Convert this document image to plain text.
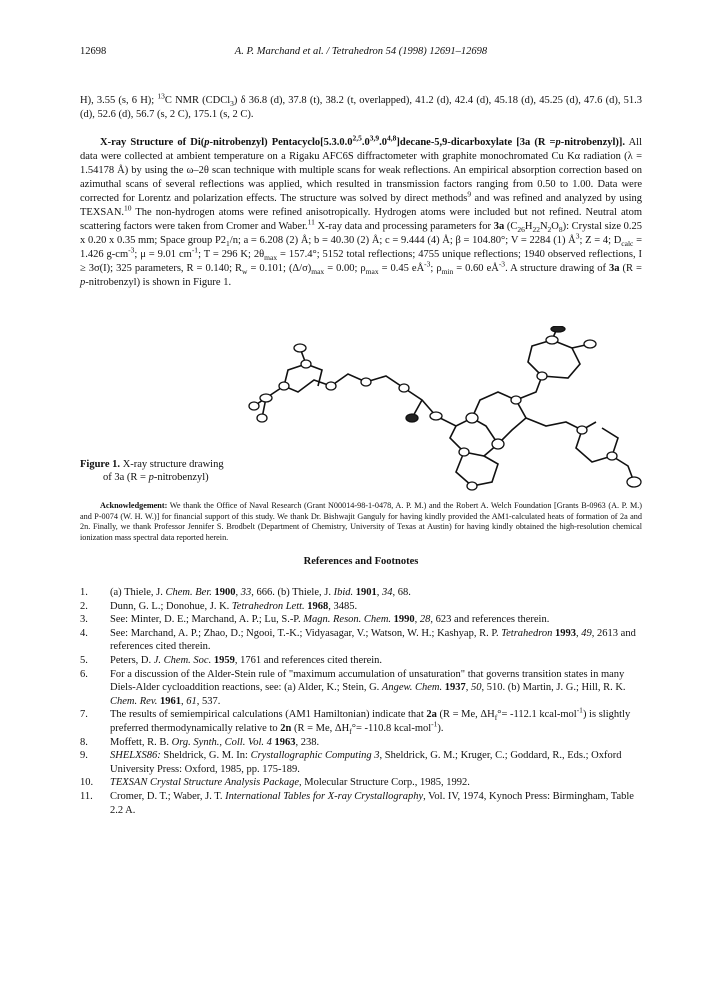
12698	A. P. Marchand et al. / Tetrahedron 54 (1998) 12691–12698
H), 3.55 (s, 6 H); $^{13}$C NMR (CDCl$_3$) δ 36.8 (d), 37.8 (t), 38.2 (t, overlapped), 41.2 (d), 42.4 (d), 45.18 (d), 45.25 (d), 47.6 (d), 51.3 (d), 52.6 (d), 56.7 (s, 2 C), 175.1 (s, 2 C).
X-ray Structure of Di(p-nitrobenzyl) Pentacyclo[5.3.0.0$^{2,5}$.0$^{3,9}$.0$^{4,8}$]decane-5,9-dicarboxylate [3a (R =p-nitrobenzyl)]. All data were collected at ambient temperature on a Rigaku AFC6S diffractometer with graphite monochromated Cu Kα radiation (λ = 1.54178 Å) by using the ω–2θ scan technique with multiple scans for weak reflections. An empirical absorption correction based on azimuthal scans of several reflections was applied, which resulted in transmission factors ranging from 0.50 to 1.00. Data were corrected for Lorentz and polarization effects. The structure was solved by direct methods$^9$ and was refined and analyzed by using TEXSAN.$^{10}$ The non-hydrogen atoms were refined anisotropically. Hydrogen atoms were included but not refined. Neutral atom scattering factors were taken from Cromer and Waber.$^{11}$ X-ray data and processing parameters for 3a $(C_{26}H_{22}N_2O_8)$: Crystal size 0.25 x 0.20 x 0.35 mm; Space group $P2_1/n$; a = 6.208 (2) Å; b = 40.30 (2) Å; c = 9.444 (4) Å; β = 104.80°; V = 2284 (1) $Å^3$; Z = 4; $D_{calc} = 1.426$ $g-cm^{-3}$; μ = 9.01 $cm^{-1}$; T = 296 K; $2\theta_{max} = 157.4^\circ$; 5152 total reflections; 4755 unique reflections; 1940 observed reflections, I ≥ 3σ(I); 325 parameters, R = 0.140; $R_w = 0.101$; $(\Delta/\sigma)_{max} = 0.00$; $\rho_{max} = 0.45$ $eÅ^{-3}$; $\rho_{min} = 0.60$ $eÅ^{-3}$. A structure drawing of 3a (R = p-nitrobenzyl) is shown in Figure 1.
Figure 1. X-ray structure drawing
of 3a (R = p-nitrobenzyl)
Acknowledgement: We thank the Office of Naval Research (Grant N00014-98-1-0478, A. P. M.) and the Robert A. Welch Foundation [Grants B-0963 (A. P. M.) and P-0074 (W. H. W.)] for financial support of this study. We thank Dr. Bishwajit Ganguly for having kindly provided the AM1-calculated heats of formation of 2a and 2n. Finally, we thank Professor Jennifer S. Brodbelt (Department of Chemistry, University of Texas at Austin) for having kindly obtained the high-resolution chemical ionization mass spectral data reported herein.
References and Footnotes
1.	(a) Thiele, J. Chem. Ber. 1900, 33, 666. (b) Thiele, J. Ibid. 1901, 34, 68.
2.	Dunn, G. L.; Donohue, J. K. Tetrahedron Lett. 1968, 3485.
3.	See: Minter, D. E.; Marchand, A. P.; Lu, S.-P. Magn. Reson. Chem. 1990, 28, 623 and references therein.
4.	See: Marchand, A. P.; Zhao, D.; Ngooi, T.-K.; Vidyasagar, V.; Watson, W. H.; Kashyap, R. P. Tetrahedron 1993, 49, 2613 and references cited therein.
5.	Peters, D. J. Chem. Soc. 1959, 1761 and references cited therein.
6.	For a discussion of the Alder-Stein rule of "maximum accumulation of unsaturation" that governs transition states in many Diels-Alder cycloaddition reactions, see: (a) Alder, K.; Stein, G. Angew. Chem. 1937, 50, 510. (b) Martin, J. G.; Hill, R. K. Chem. Rev. 1961, 61, 537.
7.	The results of semiempirical calculations (AM1 Hamiltonian) indicate that 2a (R = Me, $\Delta H_f^\circ= -112.1$ kcal-mol$^{-1}$) is slightly preferred thermodynamically relative to 2n (R = Me, $\Delta H_f^\circ= -110.8$ kcal-mol$^{-1}$).
8.	Moffett, R. B. Org. Synth., Coll. Vol. 4 1963, 238.
9.	SHELXS86: Sheldrick, G. M. In: Crystallographic Computing 3, Sheldrick, G. M.; Kruger, C.; Goddard, R., Eds.; Oxford University Press: Oxford, 1985, pp. 175-189.
10.	TEXSAN Crystal Structure Analysis Package, Molecular Structure Corp., 1985, 1992.
11.	Cromer, D. T.; Waber, J. T. International Tables for X-ray Crystallography, Vol. IV, 1974, Kynoch Press: Birmingham, Table 2.2 A.
